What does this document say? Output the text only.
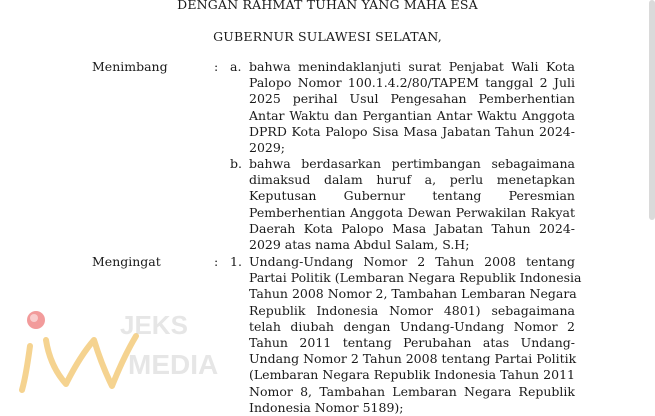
DENGAN RAHMAT TUHAN YANG MAHA ESA
GUBERNUR SULAWESI SELATAN,
Menimbang	: a. bahwa menindaklanjuti surat Penjabat Wali Kota
Palopo Nomor 100.1.4.2/80/TAPEM tanggal 2 Juli
2025 perihal Usul Pengesahan Pemberhentian
Antar Waktu dan Pergantian Antar Waktu Anggota
DPRD Kota Palopo Sisa Masa Jabatan Tahun 2024-
2029;
b. bahwa berdasarkan pertimbangan sebagaimana
dimaksud dalam huruf a, perlu menetapkan
Keputusan Gubernur tentang Peresmian
Pemberhentian Anggota Dewan Perwakilan Rakyat
Daerah Kota Palopo Masa Jabatan Tahun 2024-
2029 atas nama Abdul Salam, S.H;
Mengingat	: 1. Undang-Undang Nomor 2 Tahun 2008 tentang
Partai Politik (Lembaran Negara Republik Indonesia
Tahun 2008 Nomor 2, Tambahan Lembaran Negara
Republik Indonesia Nomor 4801) sebagaimana
telah diubah dengan Undang-Undang Nomor 2
Tahun 2011 tentang Perubahan atas Undang-
Undang Nomor 2 Tahun 2008 tentang Partai Politik
(Lembaran Negara Republik Indonesia Tahun 2011
Nomor 8, Tambahan Lembaran Negara Republik
Indonesia Nomor 5189);
JEKS
MEDIA
